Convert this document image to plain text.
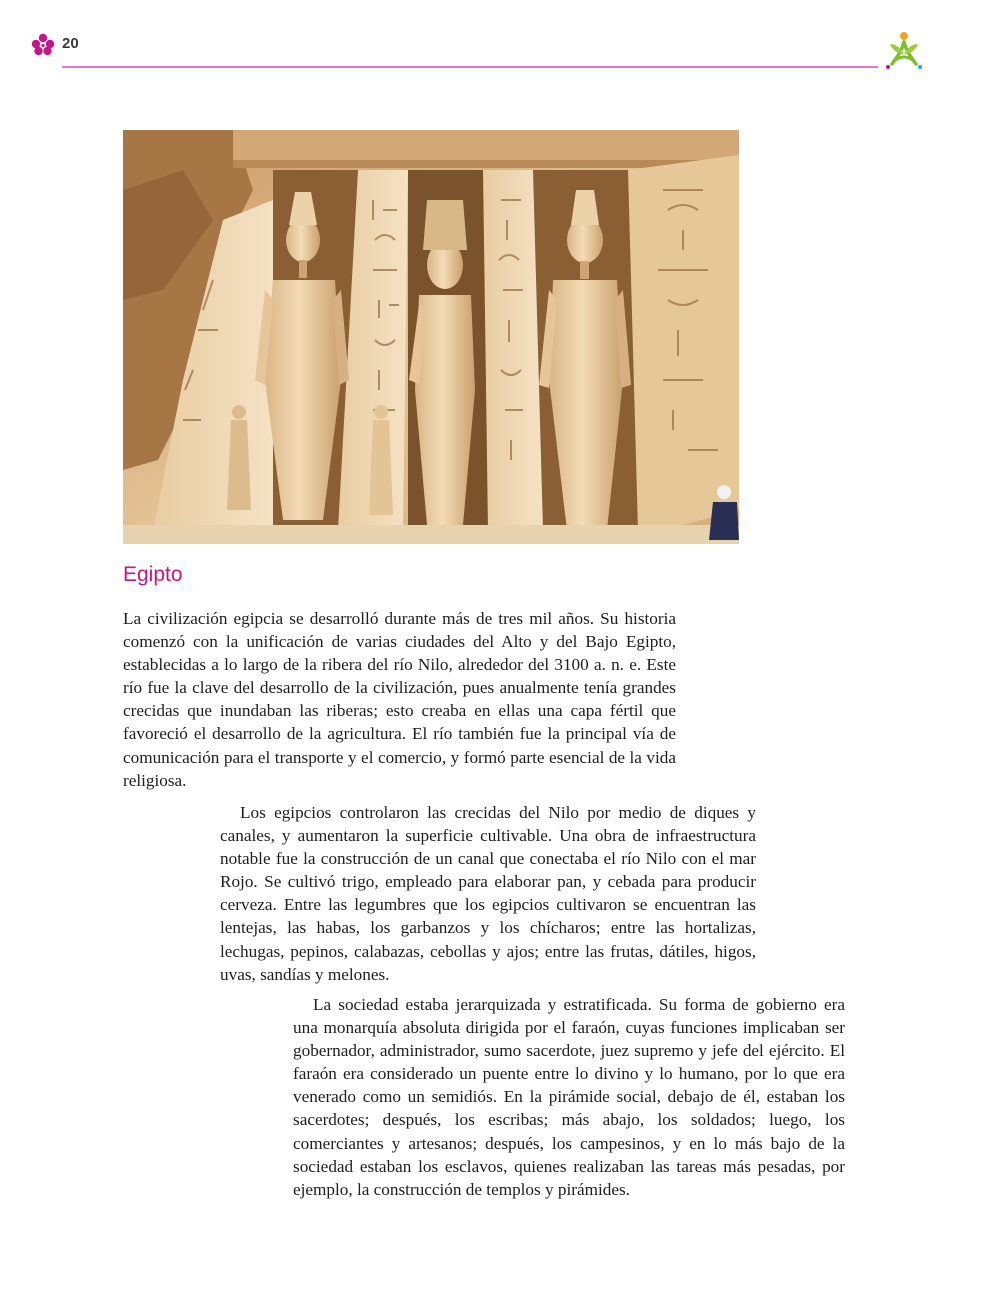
20
Egipto

La civilización egipcia se desarrolló durante más de tres mil años. Su historia comenzó con la unificación de varias ciudades del Alto y del Bajo Egipto, establecidas a lo largo de la ribera del río Nilo, alrededor del 3100 a. n. e. Este río fue la clave del desarrollo de la civilización, pues anualmente tenía grandes crecidas que inundaban las riberas; esto creaba en ellas una capa fértil que favoreció el desarrollo de la agricultura. El río también fue la principal vía de comunicación para el transporte y el comercio, y formó parte esencial de la vida religiosa.

Los egipcios controlaron las crecidas del Nilo por medio de diques y canales, y aumentaron la superficie cultivable. Una obra de infraestructura notable fue la construcción de un canal que conectaba el río Nilo con el mar Rojo. Se cultivó trigo, empleado para elaborar pan, y cebada para producir cerveza. Entre las legumbres que los egipcios cultivaron se encuentran las lentejas, las habas, los garbanzos y los chícharos; entre las hortalizas, lechugas, pepinos, calabazas, cebollas y ajos; entre las frutas, dátiles, higos, uvas, sandías y melones.

La sociedad estaba jerarquizada y estratificada. Su forma de gobierno era una monarquía absoluta dirigida por el faraón, cuyas funciones implicaban ser gobernador, administrador, sumo sacerdote, juez supremo y jefe del ejército. El faraón era considerado un puente entre lo divino y lo humano, por lo que era venerado como un semidiós. En la pirámide social, debajo de él, estaban los sacerdotes; después, los escribas; más abajo, los soldados; luego, los comerciantes y artesanos; después, los campesinos, y en lo más bajo de la sociedad estaban los esclavos, quienes realizaban las tareas más pesadas, por ejemplo, la construcción de templos y pirámides.
